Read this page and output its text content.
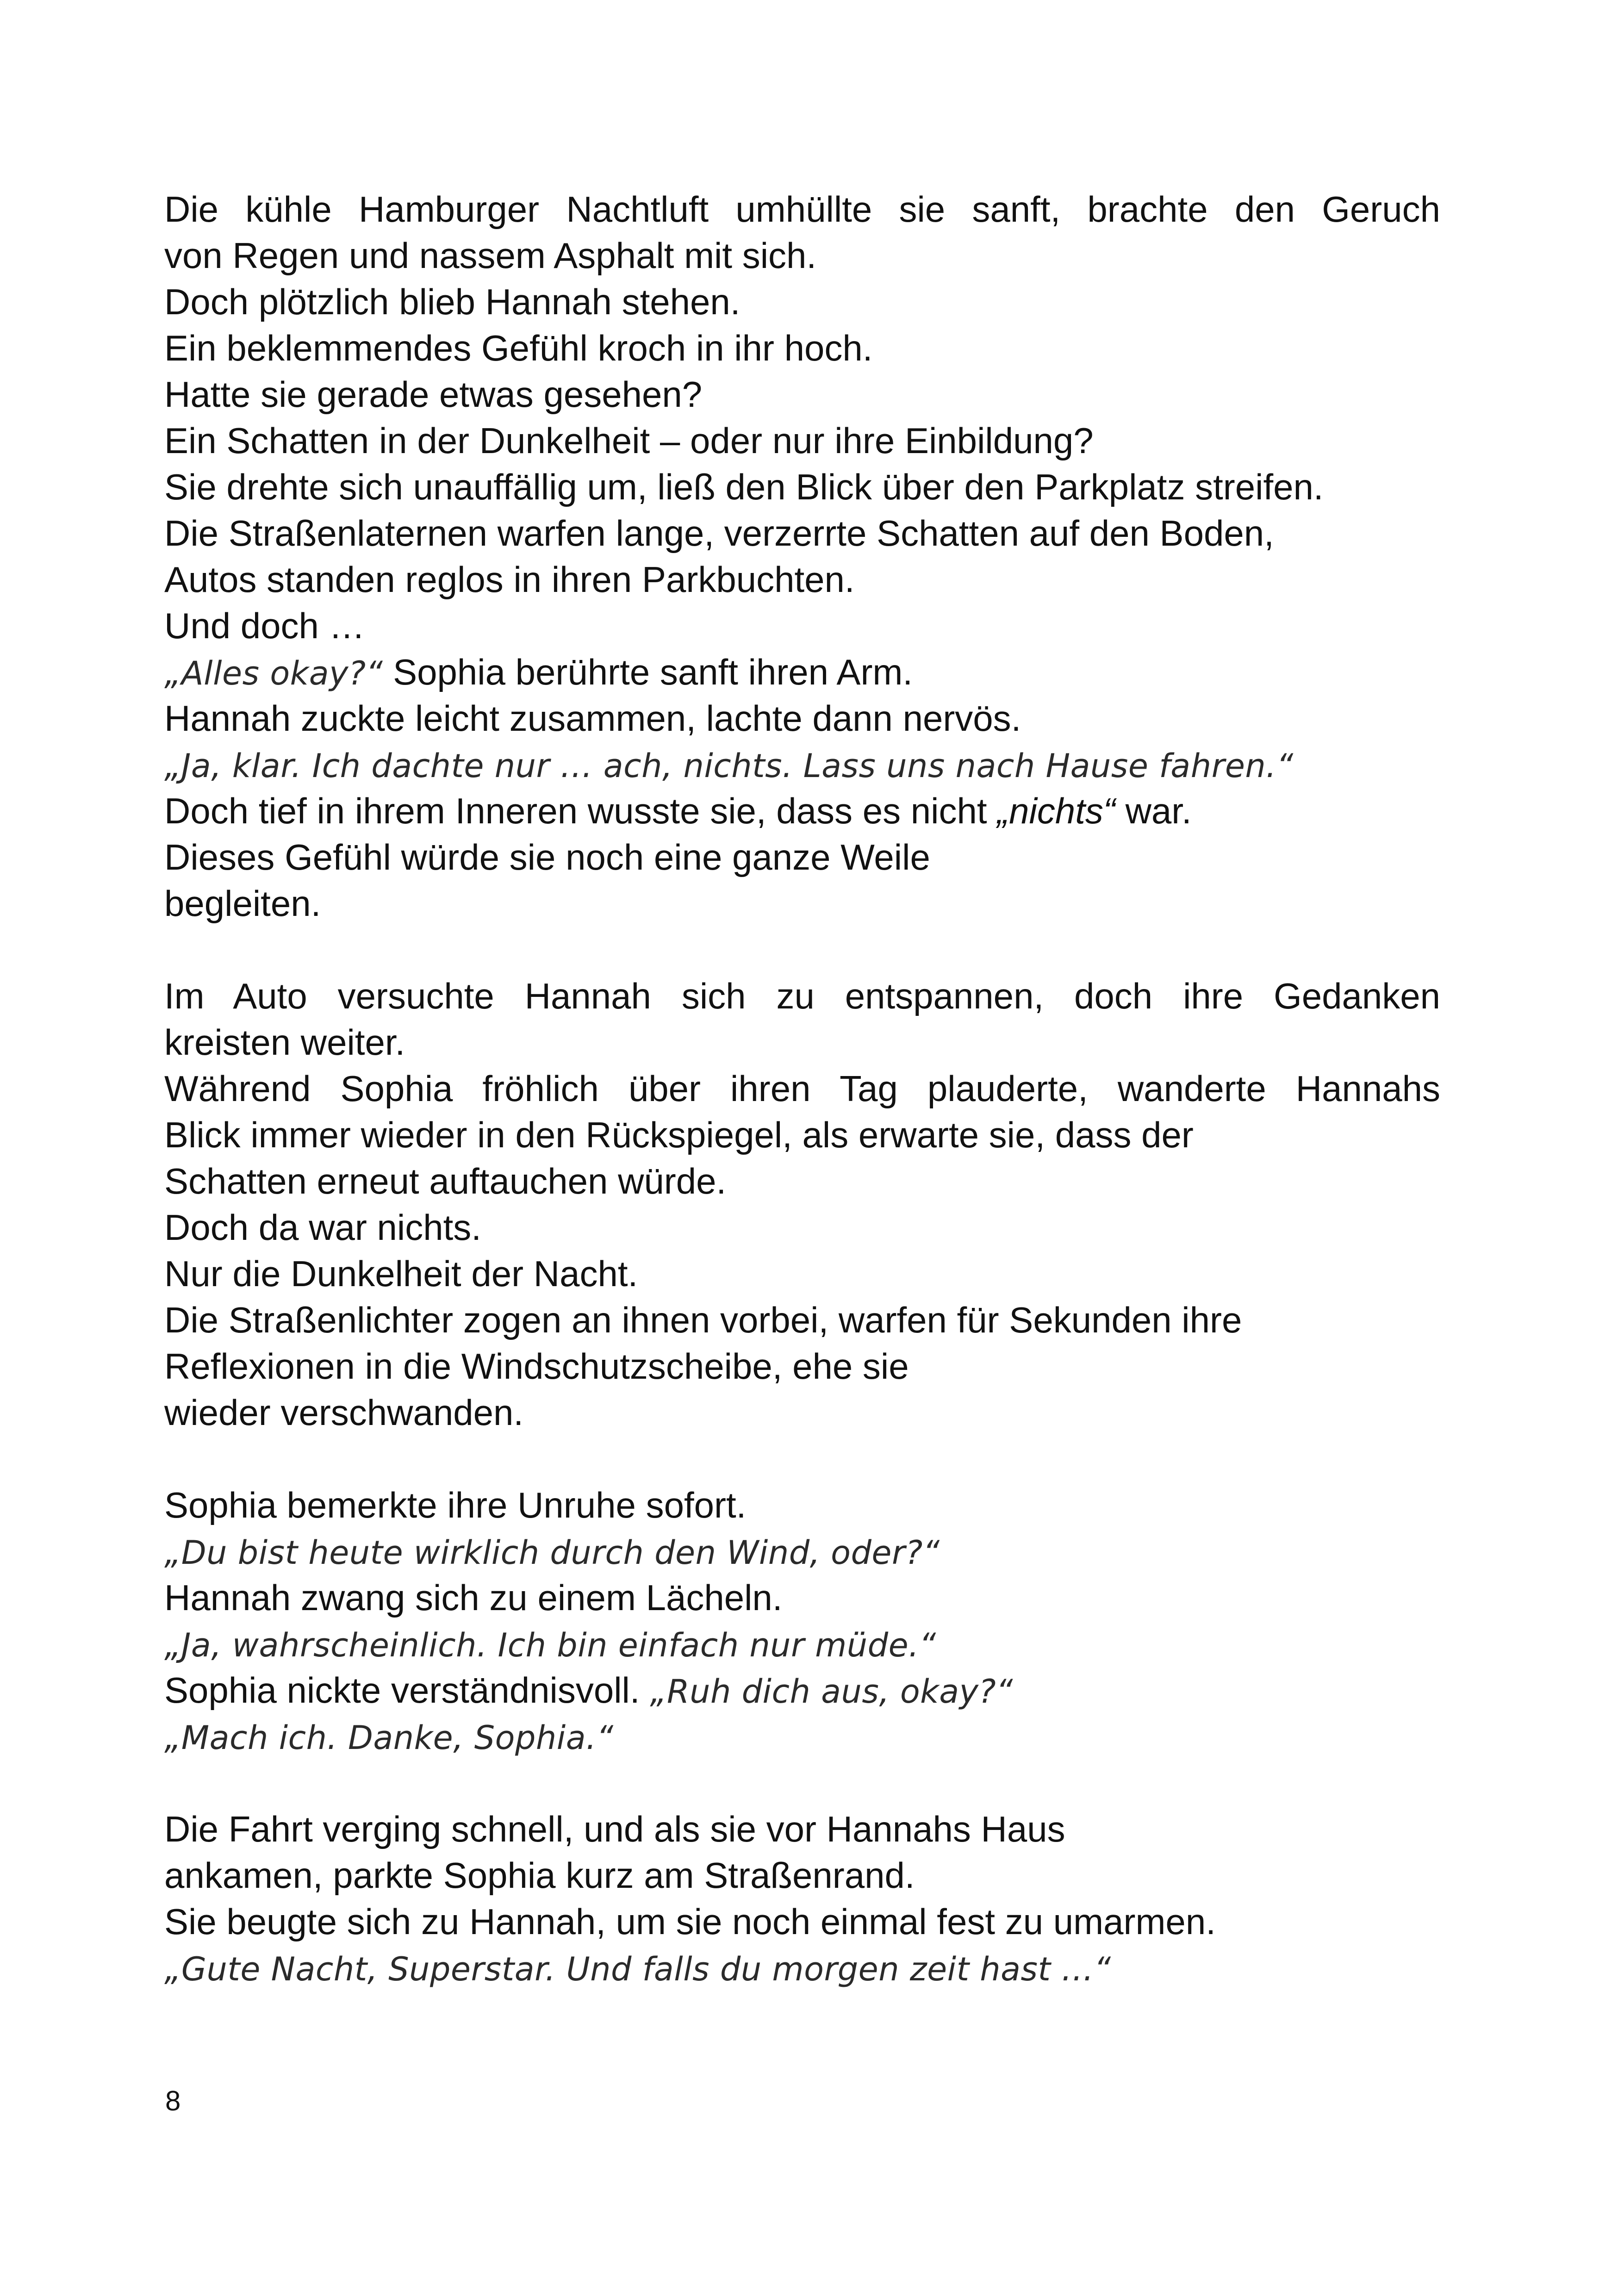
Die kühle Hamburger Nachtluft umhüllte sie sanft, brachte den Geruch
von Regen und nassem Asphalt mit sich.
Doch plötzlich blieb Hannah stehen.
Ein beklemmendes Gefühl kroch in ihr hoch.
Hatte sie gerade etwas gesehen?
Ein Schatten in der Dunkelheit – oder nur ihre Einbildung?
Sie drehte sich unauffällig um, ließ den Blick über den Parkplatz streifen.
Die Straßenlaternen warfen lange, verzerrte Schatten auf den Boden,
Autos standen reglos in ihren Parkbuchten.
Und doch …
„Alles okay?“ Sophia berührte sanft ihren Arm.
Hannah zuckte leicht zusammen, lachte dann nervös.
„Ja, klar. Ich dachte nur … ach, nichts. Lass uns nach Hause fahren.“
Doch tief in ihrem Inneren wusste sie, dass es nicht „nichts“ war.
Dieses Gefühl würde sie noch eine ganze Weile
begleiten.
Im Auto versuchte Hannah sich zu entspannen, doch ihre Gedanken
kreisten weiter.
Während Sophia fröhlich über ihren Tag plauderte, wanderte Hannahs
Blick immer wieder in den Rückspiegel, als erwarte sie, dass der
Schatten erneut auftauchen würde.
Doch da war nichts.
Nur die Dunkelheit der Nacht.
Die Straßenlichter zogen an ihnen vorbei, warfen für Sekunden ihre
Reflexionen in die Windschutzscheibe, ehe sie
wieder verschwanden.
Sophia bemerkte ihre Unruhe sofort.
„Du bist heute wirklich durch den Wind, oder?“
Hannah zwang sich zu einem Lächeln.
„Ja, wahrscheinlich. Ich bin einfach nur müde.“
Sophia nickte verständnisvoll. „Ruh dich aus, okay?“
„Mach ich. Danke, Sophia.“
Die Fahrt verging schnell, und als sie vor Hannahs Haus
ankamen, parkte Sophia kurz am Straßenrand.
Sie beugte sich zu Hannah, um sie noch einmal fest zu umarmen.
„Gute Nacht, Superstar. Und falls du morgen zeit hast …“
8
